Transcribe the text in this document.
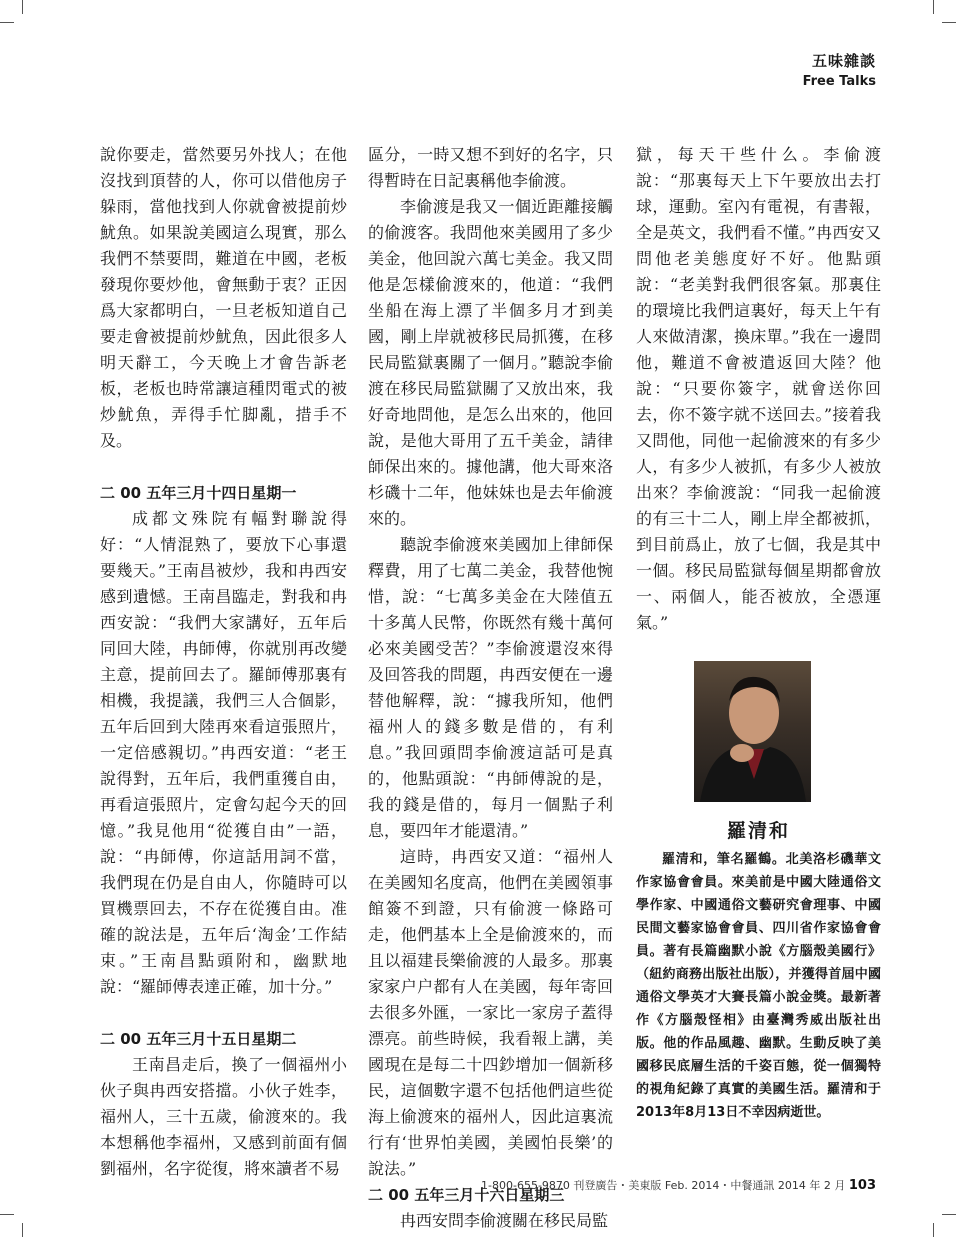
五味雜談
Free Talks

說你要走，當然要另外找人；在他沒找到頂替的人，你可以借他房子躲雨，當他找到人你就會被提前炒魷魚。如果說美國這么現實，那么我們不禁要問，難道在中國，老板發現你要炒他，會無動于衷？正因爲大家都明白，一旦老板知道自己要走會被提前炒魷魚，因此很多人明天辭工，今天晚上才會告訴老板，老板也時常讓這種閃電式的被炒魷魚，弄得手忙脚亂，措手不及。

二 00 五年三月十四日星期一

成都文殊院有幅對聯說得好：“人情混熟了，要放下心事還要幾天。”王南昌被炒，我和冉西安感到遺憾。王南昌臨走，對我和冉西安說：“我們大家講好，五年后同回大陸，冉師傅，你就別再改變主意，提前回去了。羅師傅那裏有相機，我提議，我們三人合個影，五年后回到大陸再來看這張照片，一定倍感親切。”冉西安道：“老王說得對，五年后，我們重獲自由，再看這張照片，定會勾起今天的回憶。”我見他用“從獲自由”一語，說：“冉師傅，你這話用詞不當，我們現在仍是自由人，你隨時可以買機票回去，不存在從獲自由。准確的說法是，五年后‘淘金’工作結束。”王南昌點頭附和，幽默地說：“羅師傅表達正確，加十分。”

二 00 五年三月十五日星期二

王南昌走后，換了一個福州小伙子與冉西安搭擋。小伙子姓李，福州人，三十五歲，偷渡來的。我本想稱他李福州，又感到前面有個劉福州，名字從復，將來讀者不易

區分，一時又想不到好的名字，只得暫時在日記裏稱他李偷渡。

李偷渡是我又一個近距離接觸的偷渡客。我問他來美國用了多少美金，他回說六萬七美金。我又問他是怎樣偷渡來的，他道：“我們坐船在海上漂了半個多月才到美國，剛上岸就被移民局抓獲，在移民局監獄裏關了一個月。”聽說李偷渡在移民局監獄關了又放出來，我好奇地問他，是怎么出來的，他回說，是他大哥用了五千美金，請律師保出來的。據他講，他大哥來洛杉磯十二年，他妹妹也是去年偷渡來的。

聽說李偷渡來美國加上律師保釋費，用了七萬二美金，我替他惋惜，說：“七萬多美金在大陸值五十多萬人民幣，你既然有幾十萬何必來美國受苦？”李偷渡還沒來得及回答我的問題，冉西安便在一邊替他解釋，說：“據我所知，他們福州人的錢多數是借的，有利息。”我回頭問李偷渡這話可是真的，他點頭說：“冉師傅說的是，我的錢是借的，每月一個點子利息，要四年才能還清。”

這時，冉西安又道：“福州人在美國知名度高，他們在美國領事館簽不到證，只有偷渡一條路可走，他們基本上全是偷渡來的，而且以福建長樂偷渡的人最多。那裏家家户户都有人在美國，每年寄回去很多外匯，一家比一家房子蓋得漂亮。前些時候，我看報上講，美國現在是每二十四鈔增加一個新移民，這個數字還不包括他們這些從海上偷渡來的福州人，因此這裏流行有‘世界怕美國，美國怕長樂’的說法。”

二 00 五年三月十六日星期三

冉西安問李偷渡關在移民局監

獄，每天干些什么。李偷渡說：“那裏每天上下午要放出去打球，運動。室內有電視，有書報，全是英文，我們看不懂。”冉西安又問他老美態度好不好。他點頭說：“老美對我們很客氣。那裏住的環境比我們這裏好，每天上午有人來做清潔，換床單。”我在一邊問他，難道不會被遣返回大陸？他說：“只要你簽字，就會送你回去，你不簽字就不送回去。”接着我又問他，同他一起偷渡來的有多少人，有多少人被抓，有多少人被放出來？李偷渡說：“同我一起偷渡的有三十二人，剛上岸全都被抓，到目前爲止，放了七個，我是其中一個。移民局監獄每個星期都會放一、兩個人，能否被放，全憑運氣。”

羅清和

羅清和，筆名羅鶴。北美洛杉磯華文作家協會會員。來美前是中國大陸通俗文學作家、中國通俗文藝研究會理事、中國民間文藝家協會會員、四川省作家協會會員。著有長篇幽默小說《方腦殼美國行》（紐約商務出版社出版），并獲得首屆中國通俗文學英才大賽長篇小說金獎。最新著作《方腦殼怪相》由臺灣秀威出版社出版。他的作品風趣、幽默。生動反映了美國移民底層生活的千姿百態，從一個獨特的視角紀錄了真實的美國生活。羅清和于2013年8月13日不幸因病逝世。

1-800-655-9870 刊登廣告・美東版 Feb. 2014・中餐通訊 2014 年 2 月 103
